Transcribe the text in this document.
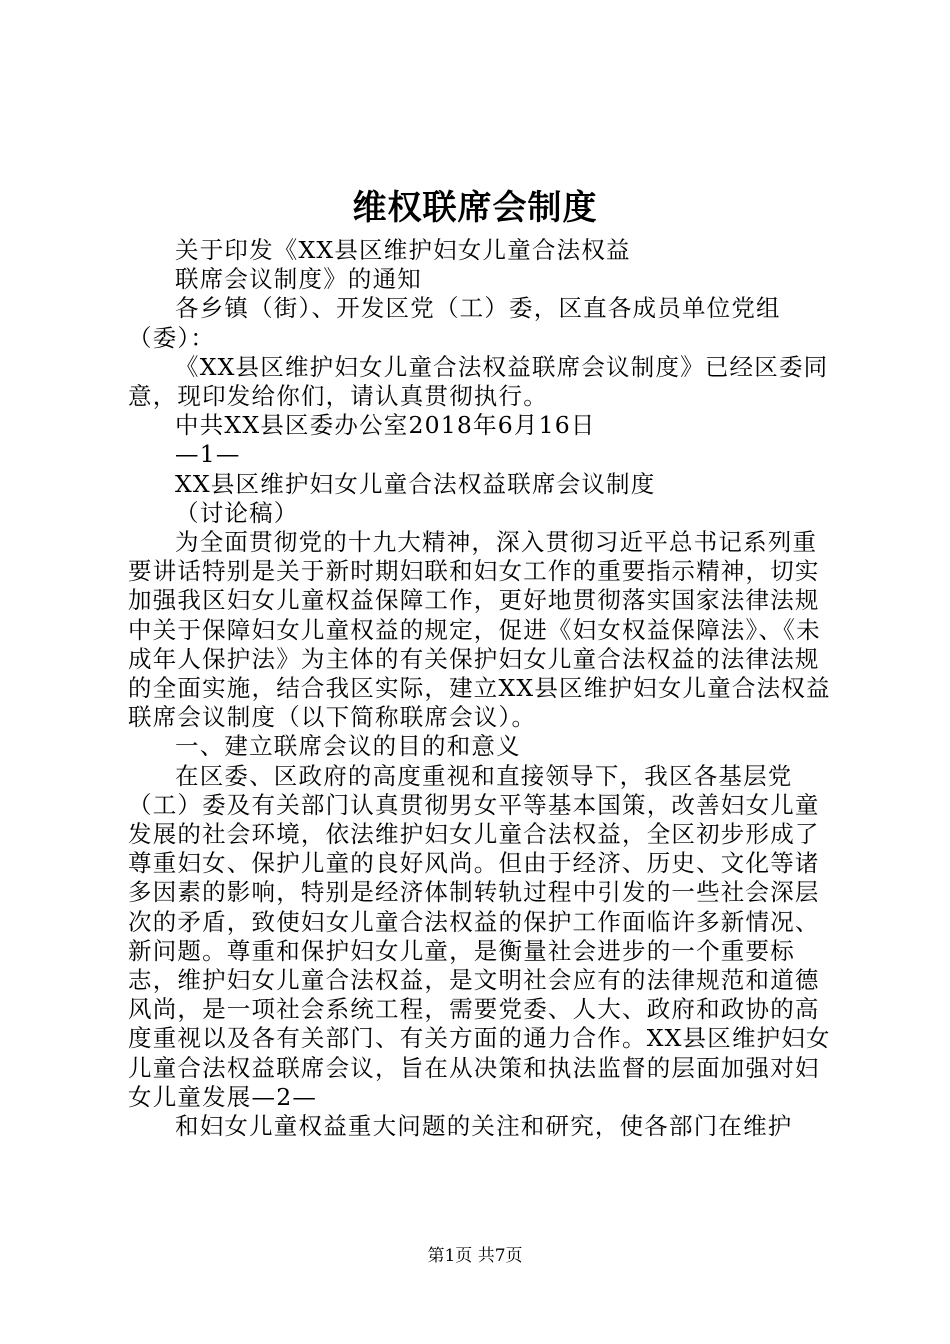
维权联席会制度

关于印发《XX县区维护妇女儿童合法权益

联席会议制度》的通知

各乡镇（街）、开发区党（工）委，区直各成员单位党组（委）：

《XX县区维护妇女儿童合法权益联席会议制度》已经区委同意，现印发给你们，请认真贯彻执行。

中共XX县区委办公室2018年6月16日

—1—

XX县区维护妇女儿童合法权益联席会议制度

（讨论稿）

为全面贯彻党的十九大精神，深入贯彻习近平总书记系列重要讲话特别是关于新时期妇联和妇女工作的重要指示精神，切实加强我区妇女儿童权益保障工作，更好地贯彻落实国家法律法规中关于保障妇女儿童权益的规定，促进《妇女权益保障法》、《未成年人保护法》为主体的有关保护妇女儿童合法权益的法律法规的全面实施，结合我区实际，建立XX县区维护妇女儿童合法权益联席会议制度（以下简称联席会议）。

一、建立联席会议的目的和意义

在区委、区政府的高度重视和直接领导下，我区各基层党（工）委及有关部门认真贯彻男女平等基本国策，改善妇女儿童发展的社会环境，依法维护妇女儿童合法权益，全区初步形成了尊重妇女、保护儿童的良好风尚。但由于经济、历史、文化等诸多因素的影响，特别是经济体制转轨过程中引发的一些社会深层次的矛盾，致使妇女儿童合法权益的保护工作面临许多新情况、新问题。尊重和保护妇女儿童，是衡量社会进步的一个重要标志，维护妇女儿童合法权益，是文明社会应有的法律规范和道德风尚，是一项社会系统工程，需要党委、人大、政府和政协的高度重视以及各有关部门、有关方面的通力合作。XX县区维护妇女儿童合法权益联席会议，旨在从决策和执法监督的层面加强对妇女儿童发展—2—

和妇女儿童权益重大问题的关注和研究，使各部门在维护

第1页 共7页
